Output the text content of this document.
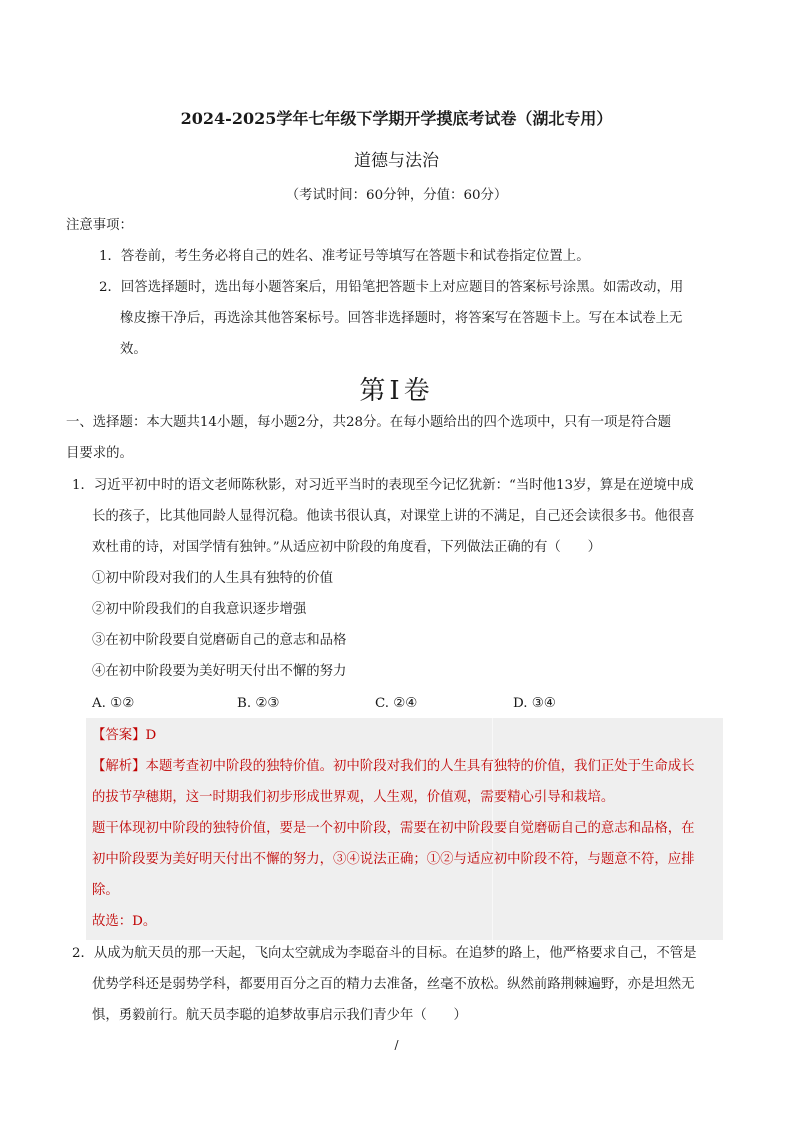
2024-2025学年七年级下学期开学摸底考试卷（湖北专用）
道德与法治
（考试时间：60分钟，分值：60分）
注意事项：
1．答卷前，考生务必将自己的姓名、准考证号等填写在答题卡和试卷指定位置上。
2．回答选择题时，选出每小题答案后，用铅笔把答题卡上对应题目的答案标号涂黑。如需改动，用
橡皮擦干净后，再选涂其他答案标号。回答非选择题时，将答案写在答题卡上。写在本试卷上无
效。
第Ⅰ卷
一、选择题：本大题共14小题，每小题2分，共28分。在每小题给出的四个选项中，只有一项是符合题
目要求的。
1．习近平初中时的语文老师陈秋影，对习近平当时的表现至今记忆犹新：“当时他13岁，算是在逆境中成
长的孩子，比其他同龄人显得沉稳。他读书很认真，对课堂上讲的不满足，自己还会读很多书。他很喜
欢杜甫的诗，对国学情有独钟。”从适应初中阶段的角度看，下列做法正确的有（　　）
①初中阶段对我们的人生具有独特的价值
②初中阶段我们的自我意识逐步增强
③在初中阶段要自觉磨砺自己的意志和品格
④在初中阶段要为美好明天付出不懈的努力
A. ①②	B. ②③	C. ②④	D. ③④
【答案】D
【解析】本题考查初中阶段的独特价值。初中阶段对我们的人生具有独特的价值，我们正处于生命成长
的拔节孕穗期，这一时期我们初步形成世界观，人生观，价值观，需要精心引导和栽培。
题干体现初中阶段的独特价值，要是一个初中阶段，需要在初中阶段要自觉磨砺自己的意志和品格，在
初中阶段要为美好明天付出不懈的努力，③④说法正确；①②与适应初中阶段不符，与题意不符，应排
除。
故选：D。
2．从成为航天员的那一天起，飞向太空就成为李聪奋斗的目标。在追梦的路上，他严格要求自己，不管是
优势学科还是弱势学科，都要用百分之百的精力去准备，丝毫不放松。纵然前路荆棘遍野，亦是坦然无
惧，勇毅前行。航天员李聪的追梦故事启示我们青少年（　　）
/
